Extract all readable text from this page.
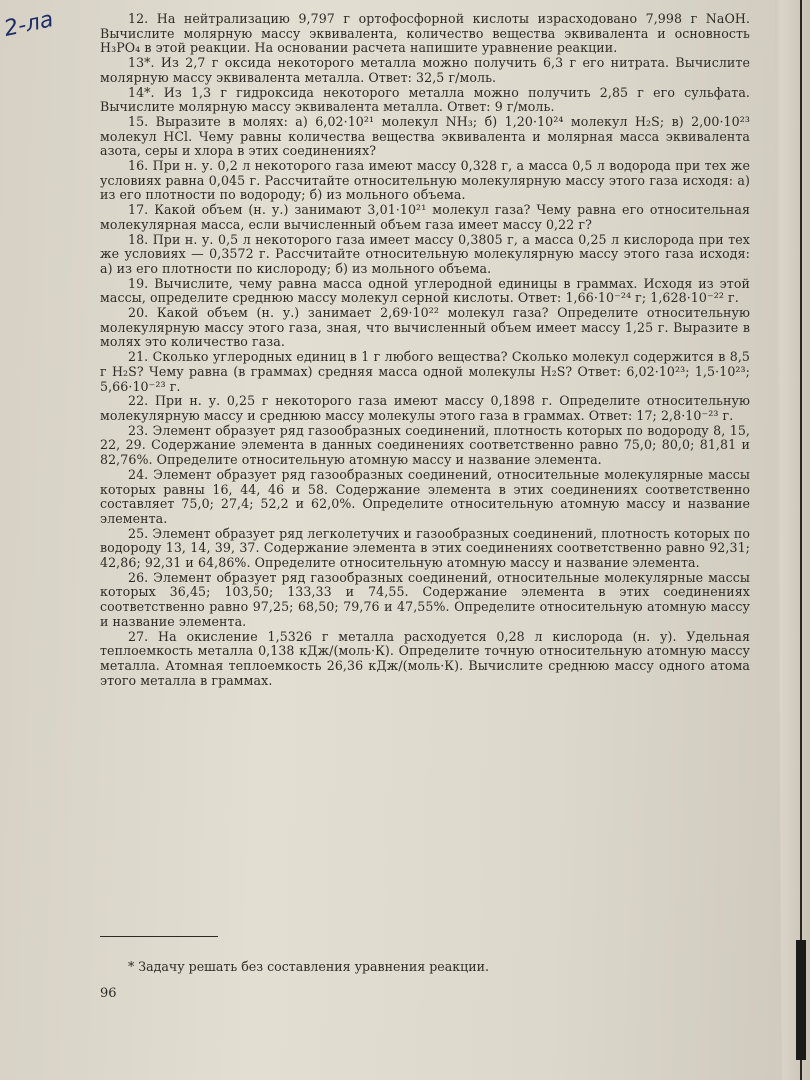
2-ла	12. На нейтрализацию 9,797 г ортофосфорной кислоты израсходовано 7,998 г NaOH. Вычислите молярную массу эквивалента, количество вещества эквивалента и основность H₃PO₄ в этой реакции. На основании расчета напишите уравнение реакции.

13*. Из 2,7 г оксида некоторого металла можно получить 6,3 г его нитрата. Вычислите молярную массу эквивалента металла. Ответ: 32,5 г/моль.

14*. Из 1,3 г гидроксида некоторого металла можно получить 2,85 г его сульфата. Вычислите молярную массу эквивалента металла. Ответ: 9 г/моль.

15. Выразите в молях: а) 6,02·10²¹ молекул NH₃; б) 1,20·10²⁴ молекул H₂S; в) 2,00·10²³ молекул HCl. Чему равны количества вещества эквивалента и молярная масса эквивалента азота, серы и хлора в этих соединениях?

16. При н. у. 0,2 л некоторого газа имеют массу 0,328 г, а масса 0,5 л водорода при тех же условиях равна 0,045 г. Рассчитайте относительную молекулярную массу этого газа исходя: а) из его плотности по водороду; б) из мольного объема.

17. Какой объем (н. у.) занимают 3,01·10²¹ молекул газа? Чему равна его относительная молекулярная масса, если вычисленный объем газа имеет массу 0,22 г?

18. При н. у. 0,5 л некоторого газа имеет массу 0,3805 г, а масса 0,25 л кислорода при тех же условиях — 0,3572 г. Рассчитайте относительную молекулярную массу этого газа исходя: а) из его плотности по кислороду; б) из мольного объема.

19. Вычислите, чему равна масса одной углеродной единицы в граммах. Исходя из этой массы, определите среднюю массу молекул серной кислоты. Ответ: 1,66·10⁻²⁴ г; 1,628·10⁻²² г.

20. Какой объем (н. у.) занимает 2,69·10²² молекул газа? Определите относительную молекулярную массу этого газа, зная, что вычисленный объем имеет массу 1,25 г. Выразите в молях это количество газа.

21. Сколько углеродных единиц в 1 г любого вещества? Сколько молекул содержится в 8,5 г H₂S? Чему равна (в граммах) средняя масса одной молекулы H₂S? Ответ: 6,02·10²³; 1,5·10²³; 5,66·10⁻²³ г.

22. При н. у. 0,25 г некоторого газа имеют массу 0,1898 г. Определите относительную молекулярную массу и среднюю массу молекулы этого газа в граммах. Ответ: 17; 2,8·10⁻²³ г.

23. Элемент образует ряд газообразных соединений, плотность которых по водороду 8, 15, 22, 29. Содержание элемента в данных соединениях соответственно равно 75,0; 80,0; 81,81 и 82,76%. Определите относительную атомную массу и название элемента.

24. Элемент образует ряд газообразных соединений, относительные молекулярные массы которых равны 16, 44, 46 и 58. Содержание элемента в этих соединениях соответственно составляет 75,0; 27,4; 52,2 и 62,0%. Определите относительную атомную массу и название элемента.

25. Элемент образует ряд легколетучих и газообразных соединений, плотность которых по водороду 13, 14, 39, 37. Содержание элемента в этих соединениях соответственно равно 92,31; 42,86; 92,31 и 64,86%. Определите относительную атомную массу и название элемента.

26. Элемент образует ряд газообразных соединений, относительные молекулярные массы которых 36,45; 103,50; 133,33 и 74,55. Содержание элемента в этих соединениях соответственно равно 97,25; 68,50; 79,76 и 47,55%. Определите относительную атомную массу и название элемента.

27. На окисление 1,5326 г металла расходуется 0,28 л кислорода (н. у). Удельная теплоемкость металла 0,138 кДж/(моль·К). Определите точную относительную атомную массу металла. Атомная теплоемкость 26,36 кДж/(моль·К). Вычислите среднюю массу одного атома этого металла в граммах.

* Задачу решать без составления уравнения реакции.
96
